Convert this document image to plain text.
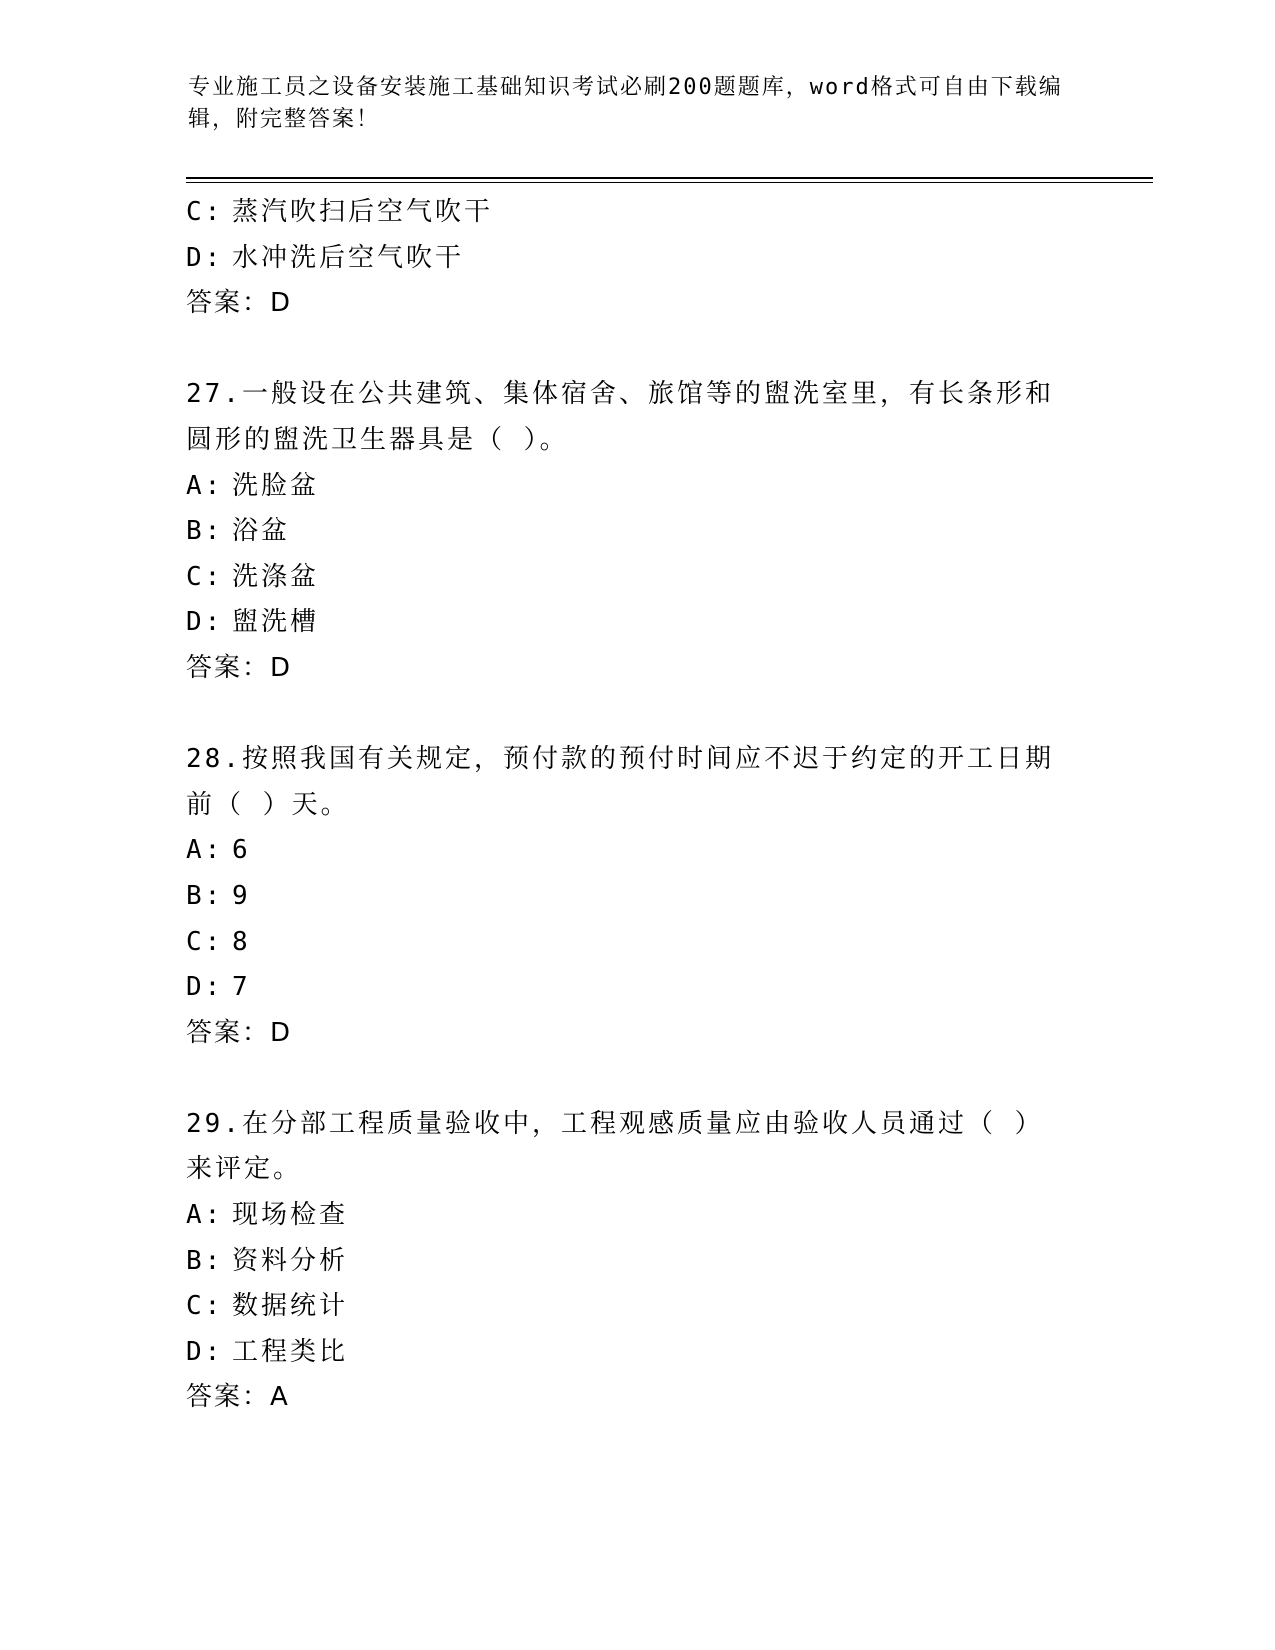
专业施工员之设备安装施工基础知识考试必刷200题题库，word格式可自由下载编辑，附完整答案！
C: 蒸汽吹扫后空气吹干
D: 水冲洗后空气吹干
答案：D
27.一般设在公共建筑、集体宿舍、旅馆等的盥洗室里，有长条形和圆形的盥洗卫生器具是（ ）。
A: 洗脸盆
B: 浴盆
C: 洗涤盆
D: 盥洗槽
答案：D
28.按照我国有关规定，预付款的预付时间应不迟于约定的开工日期前（ ）天。
A: 6
B: 9
C: 8
D: 7
答案：D
29.在分部工程质量验收中，工程观感质量应由验收人员通过（ ）来评定。
A: 现场检查
B: 资料分析
C: 数据统计
D: 工程类比
答案：A
